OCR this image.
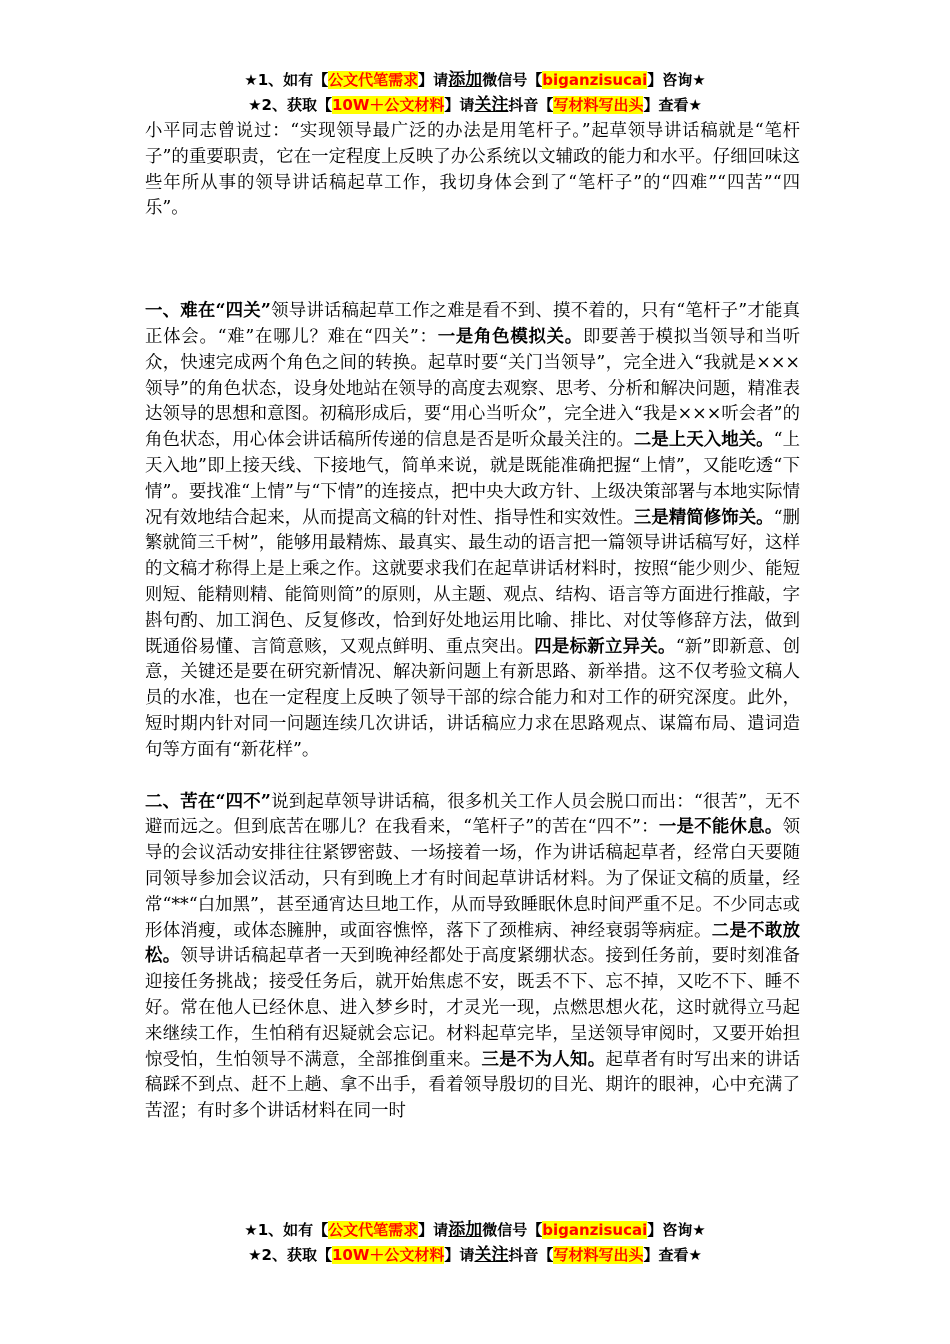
★1、如有【公文代笔需求】请添加微信号【biganzisucai】咨询★
★2、获取【10W＋公文材料】请关注抖音【写材料写出头】查看★

小平同志曾说过：“实现领导最广泛的办法是用笔杆子。”起草领导讲话稿就是“笔杆子”的重要职责，它在一定程度上反映了办公系统以文辅政的能力和水平。仔细回味这些年所从事的领导讲话稿起草工作，我切身体会到了“笔杆子”的“四难”“四苦”“四乐”。

一、难在“四关”领导讲话稿起草工作之难是看不到、摸不着的，只有“笔杆子”才能真正体会。“难”在哪儿？难在“四关”：一是角色模拟关。即要善于模拟当领导和当听众，快速完成两个角色之间的转换。起草时要“关门当领导”，完全进入“我就是×××领导”的角色状态，设身处地站在领导的高度去观察、思考、分析和解决问题，精准表达领导的思想和意图。初稿形成后，要“用心当听众”，完全进入“我是×××听会者”的角色状态，用心体会讲话稿所传递的信息是否是听众最关注的。二是上天入地关。“上天入地”即上接天线、下接地气，简单来说，就是既能准确把握“上情”，又能吃透“下情”。要找准“上情”与“下情”的连接点，把中央大政方针、上级决策部署与本地实际情况有效地结合起来，从而提高文稿的针对性、指导性和实效性。三是精简修饰关。“删繁就简三千树”，能够用最精炼、最真实、最生动的语言把一篇领导讲话稿写好，这样的文稿才称得上是上乘之作。这就要求我们在起草讲话材料时，按照“能少则少、能短则短、能精则精、能简则简”的原则，从主题、观点、结构、语言等方面进行推敲，字斟句酌、加工润色、反复修改，恰到好处地运用比喻、排比、对仗等修辞方法，做到既通俗易懂、言简意赅，又观点鲜明、重点突出。四是标新立异关。“新”即新意、创意，关键还是要在研究新情况、解决新问题上有新思路、新举措。这不仅考验文稿人员的水准，也在一定程度上反映了领导干部的综合能力和对工作的研究深度。此外，短时期内针对同一问题连续几次讲话，讲话稿应力求在思路观点、谋篇布局、遣词造句等方面有“新花样”。

二、苦在“四不”说到起草领导讲话稿，很多机关工作人员会脱口而出：“很苦”，无不避而远之。但到底苦在哪儿？在我看来，“笔杆子”的苦在“四不”：一是不能休息。领导的会议活动安排往往紧锣密鼓、一场接着一场，作为讲话稿起草者，经常白天要随同领导参加会议活动，只有到晚上才有时间起草讲话材料。为了保证文稿的质量，经常“**“白加黑”，甚至通宵达旦地工作，从而导致睡眠休息时间严重不足。不少同志或形体消瘦，或体态臃肿，或面容憔悴，落下了颈椎病、神经衰弱等病症。二是不敢放松。领导讲话稿起草者一天到晚神经都处于高度紧绷状态。接到任务前，要时刻准备迎接任务挑战；接受任务后，就开始焦虑不安，既丢不下、忘不掉，又吃不下、睡不好。常在他人已经休息、进入梦乡时，才灵光一现，点燃思想火花，这时就得立马起来继续工作，生怕稍有迟疑就会忘记。材料起草完毕，呈送领导审阅时，又要开始担惊受怕，生怕领导不满意，全部推倒重来。三是不为人知。起草者有时写出来的讲话稿踩不到点、赶不上趟、拿不出手，看着领导殷切的目光、期许的眼神，心中充满了苦涩；有时多个讲话材料在同一时

★1、如有【公文代笔需求】请添加微信号【biganzisucai】咨询★
★2、获取【10W＋公文材料】请关注抖音【写材料写出头】查看★
